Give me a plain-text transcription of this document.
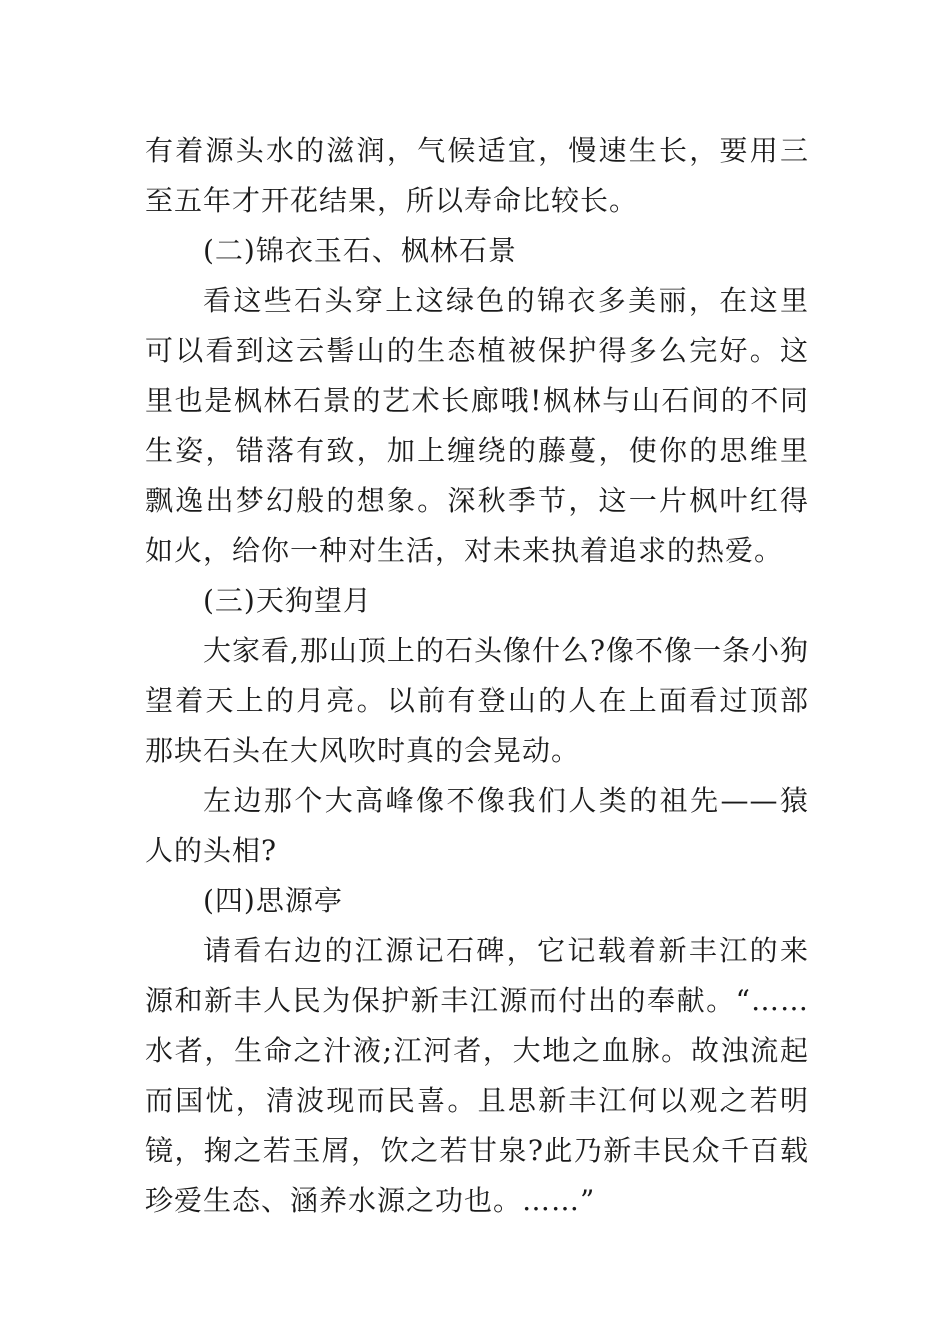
有着源头水的滋润，气候适宜，慢速生长，要用三至五年才开花结果，所以寿命比较长。

(二)锦衣玉石、枫林石景

看这些石头穿上这绿色的锦衣多美丽，在这里可以看到这云髻山的生态植被保护得多么完好。这里也是枫林石景的艺术长廊哦!枫林与山石间的不同生姿，错落有致，加上缠绕的藤蔓，使你的思维里飘逸出梦幻般的想象。深秋季节，这一片枫叶红得如火，给你一种对生活，对未来执着追求的热爱。

(三)天狗望月

大家看,那山顶上的石头像什么?像不像一条小狗望着天上的月亮。以前有登山的人在上面看过顶部那块石头在大风吹时真的会晃动。

左边那个大高峰像不像我们人类的祖先——猿人的头相?

(四)思源亭

请看右边的江源记石碑，它记载着新丰江的来源和新丰人民为保护新丰江源而付出的奉献。“……水者，生命之汁液;江河者，大地之血脉。故浊流起而国忧，清波现而民喜。且思新丰江何以观之若明镜，掬之若玉屑，饮之若甘泉?此乃新丰民众千百载珍爱生态、涵养水源之功也。……”
